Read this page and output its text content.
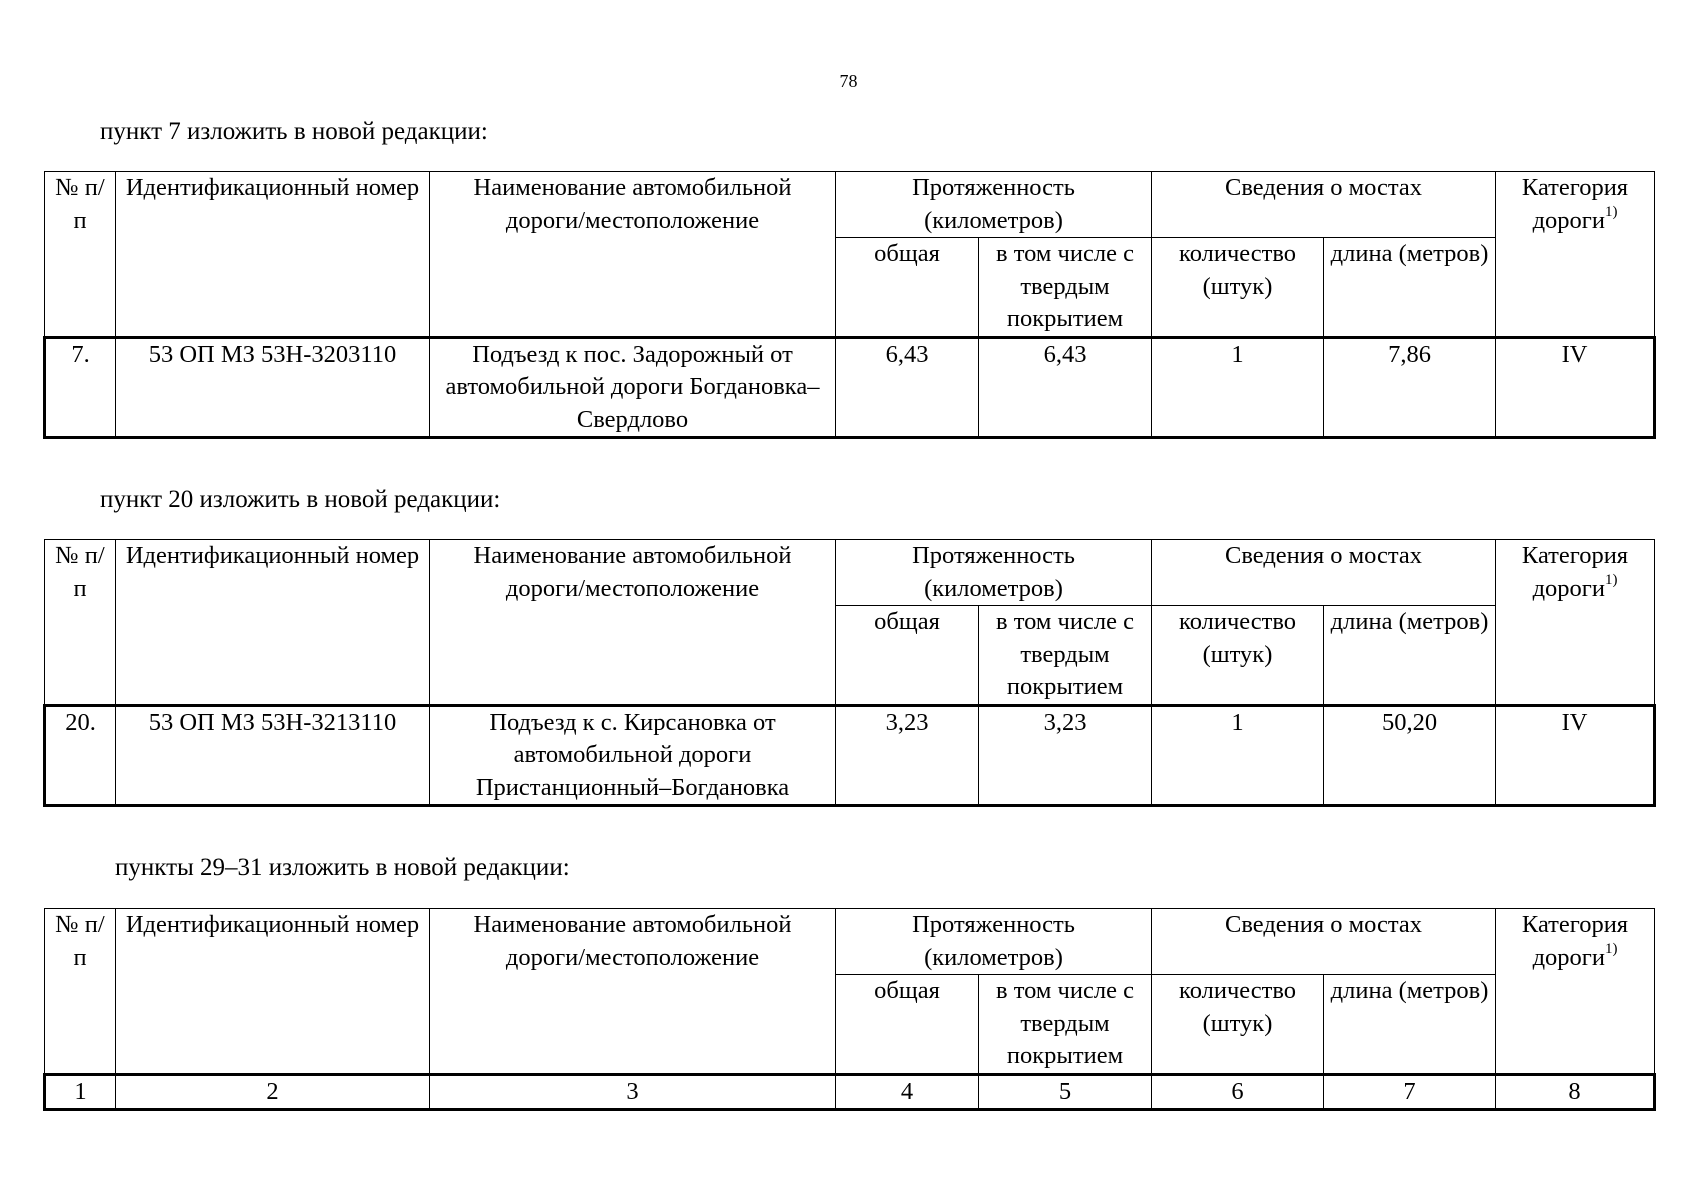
78
пункт 7 изложить в новой редакции:
№ п/п	Идентификационный номер	Наименование автомобильной дороги/местоположение	Протяженность (километров)		Сведения о мостах		Категория дороги$^{1)}$
			общая	в том числе с твердым покрытием	количество (штук)	длина (метров)	
7.	53 ОП МЗ 53Н-3203110	Подъезд к пос. Задорожный от автомобильной дороги Богдановка–Свердлово	6,43	6,43	1	7,86	IV
пункт 20 изложить в новой редакции:
№ п/п	Идентификационный номер	Наименование автомобильной дороги/местоположение	Протяженность (километров)		Сведения о мостах		Категория дороги$^{1)}$
			общая	в том числе с твердым покрытием	количество (штук)	длина (метров)	
20.	53 ОП МЗ 53Н-3213110	Подъезд к с. Кирсановка от автомобильной дороги Пристанционный–Богдановка	3,23	3,23	1	50,20	IV
пункты 29–31 изложить в новой редакции:
№ п/п	Идентификационный номер	Наименование автомобильной дороги/местоположение	Протяженность (километров)		Сведения о мостах		Категория дороги$^{1)}$
			общая	в том числе с твердым покрытием	количество (штук)	длина (метров)	
1	2	3	4	5	6	7	8
